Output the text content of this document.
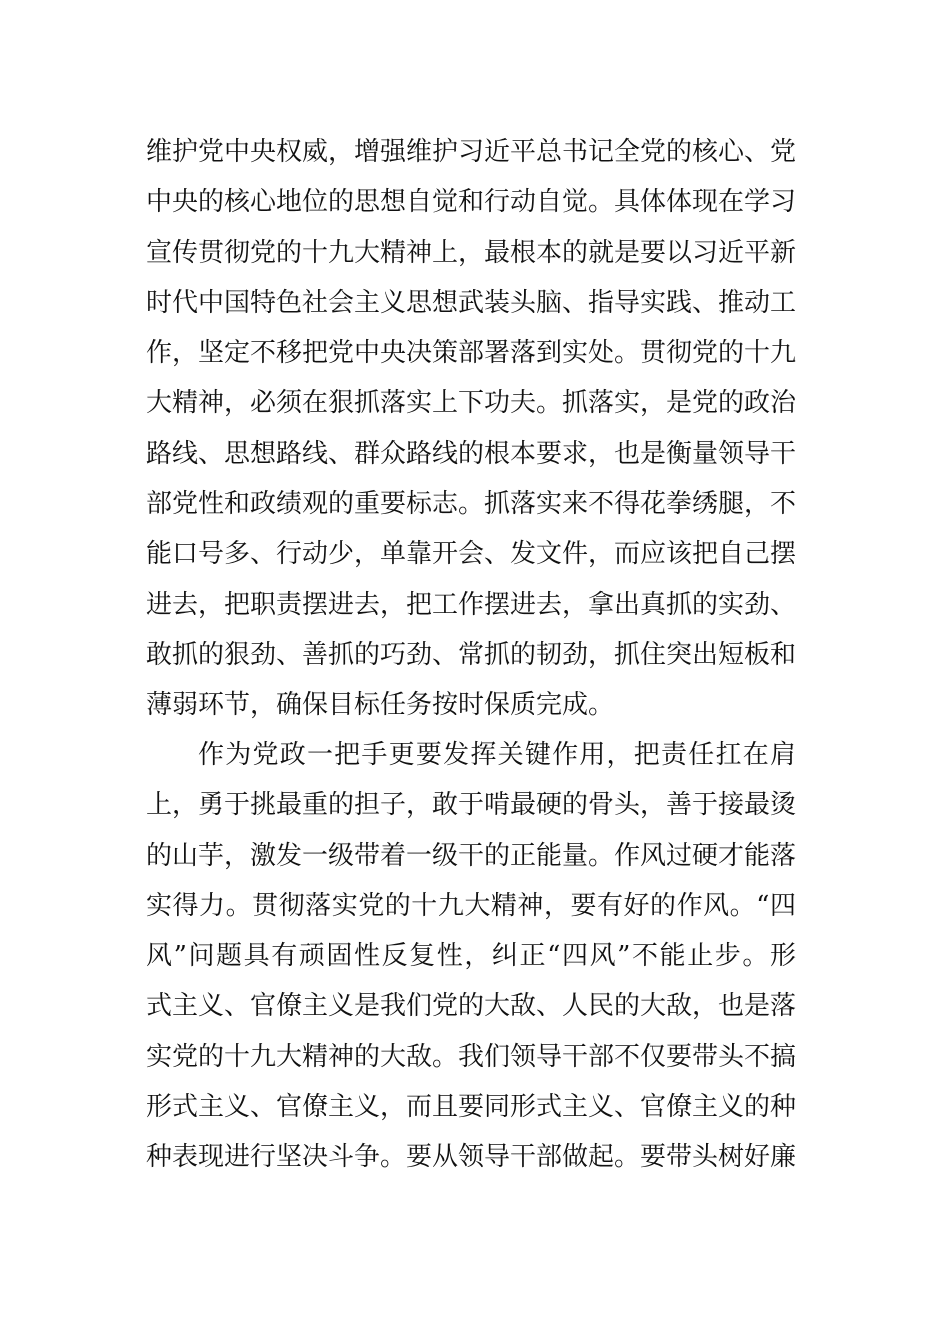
维护党中央权威，增强维护习近平总书记全党的核心、党
中央的核心地位的思想自觉和行动自觉。具体体现在学习
宣传贯彻党的十九大精神上，最根本的就是要以习近平新
时代中国特色社会主义思想武装头脑、指导实践、推动工
作，坚定不移把党中央决策部署落到实处。贯彻党的十九
大精神，必须在狠抓落实上下功夫。抓落实，是党的政治
路线、思想路线、群众路线的根本要求，也是衡量领导干
部党性和政绩观的重要标志。抓落实来不得花拳绣腿，不
能口号多、行动少，单靠开会、发文件，而应该把自己摆
进去，把职责摆进去，把工作摆进去，拿出真抓的实劲、
敢抓的狠劲、善抓的巧劲、常抓的韧劲，抓住突出短板和
薄弱环节，确保目标任务按时保质完成。
作为党政一把手更要发挥关键作用，把责任扛在肩
上，勇于挑最重的担子，敢于啃最硬的骨头，善于接最烫
的山芋，激发一级带着一级干的正能量。作风过硬才能落
实得力。贯彻落实党的十九大精神，要有好的作风。“四
风”问题具有顽固性反复性，纠正“四风”不能止步。形
式主义、官僚主义是我们党的大敌、人民的大敌，也是落
实党的十九大精神的大敌。我们领导干部不仅要带头不搞
形式主义、官僚主义，而且要同形式主义、官僚主义的种
种表现进行坚决斗争。要从领导干部做起。要带头树好廉
